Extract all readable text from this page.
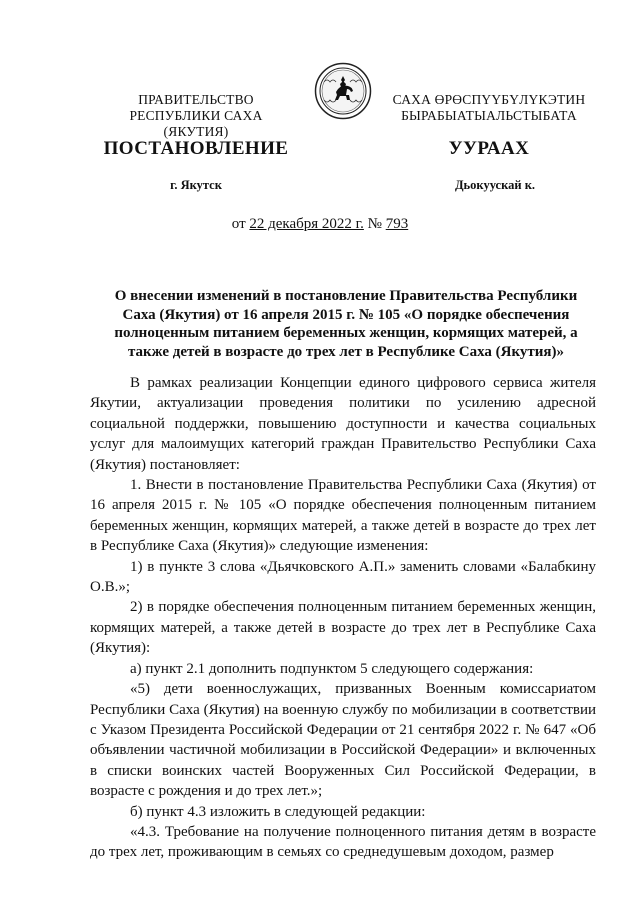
ПРАВИТЕЛЬСТВО
РЕСПУБЛИКИ САХА (ЯКУТИЯ)
САХА ӨРӨСПҮҮБҮЛҮКЭТИН
БЫРАБЫАТЫАЛЬСТЫБАТА
ПОСТАНОВЛЕНИЕ	УУРААХ
г. Якутск	Дьокуускай к.
от 22 декабря 2022 г. № 793
О внесении изменений в постановление Правительства Республики Саха (Якутия) от 16 апреля 2015 г. № 105 «О порядке обеспечения полноценным питанием беременных женщин, кормящих матерей, а также детей в возрасте до трех лет в Республике Саха (Якутия)»

В рамках реализации Концепции единого цифрового сервиса жителя Якутии, актуализации проведения политики по усилению адресной социальной поддержки, повышению доступности и качества социальных услуг для малоимущих категорий граждан Правительство Республики Саха (Якутия) постановляет:

1. Внести в постановление Правительства Республики Саха (Якутия) от 16 апреля 2015 г. № 105 «О порядке обеспечения полноценным питанием беременных женщин, кормящих матерей, а также детей в возрасте до трех лет в Республике Саха (Якутия)» следующие изменения:

1) в пункте 3 слова «Дьячковского А.П.» заменить словами «Балабкину О.В.»;

2) в порядке обеспечения полноценным питанием беременных женщин, кормящих матерей, а также детей в возрасте до трех лет в Республике Саха (Якутия):

а) пункт 2.1 дополнить подпунктом 5 следующего содержания:

«5) дети военнослужащих, призванных Военным комиссариатом Республики Саха (Якутия) на военную службу по мобилизации в соответствии с Указом Президента Российской Федерации от 21 сентября 2022 г. № 647 «Об объявлении частичной мобилизации в Российской Федерации» и включенных в списки воинских частей Вооруженных Сил Российской Федерации, в возрасте с рождения и до трех лет.»;

б) пункт 4.3 изложить в следующей редакции:

«4.3. Требование на получение полноценного питания детям в возрасте до трех лет, проживающим в семьях со среднедушевым доходом, размер
